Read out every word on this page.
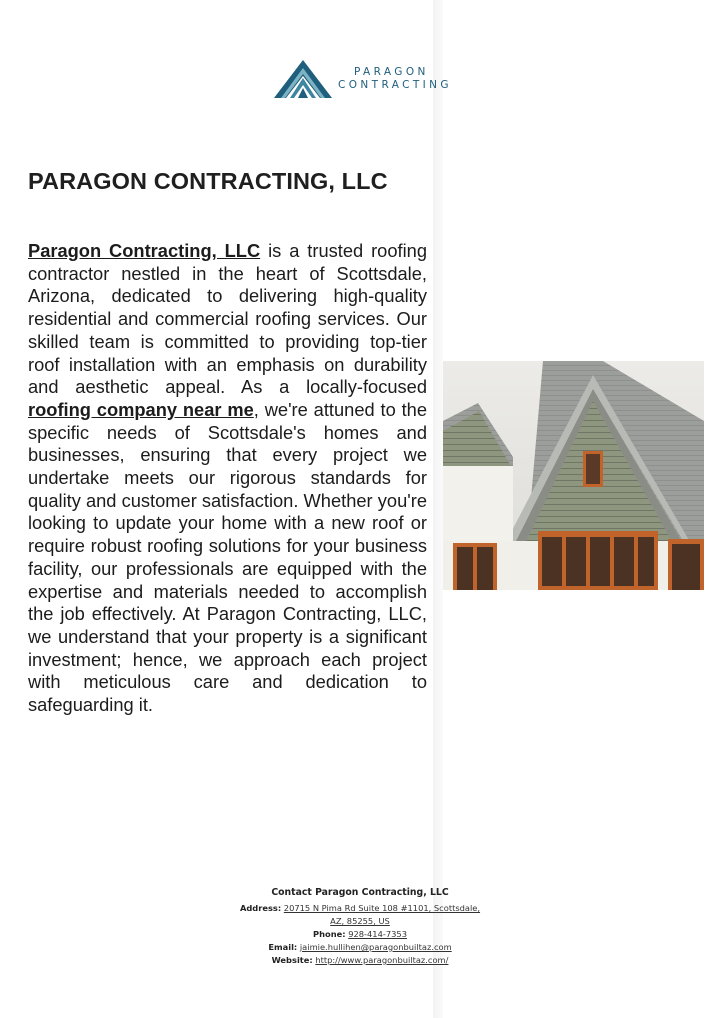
PARAGON
CONTRACTING
PARAGON CONTRACTING, LLC

Paragon Contracting, LLC is a trusted roofing contractor nestled in the heart of Scottsdale, Arizona, dedicated to delivering high-quality residential and commercial roofing services. Our skilled team is committed to providing top-tier roof installation with an emphasis on durability and aesthetic appeal. As a locally-focused roofing company near me, we're attuned to the specific needs of Scottsdale's homes and businesses, ensuring that every project we undertake meets our rigorous standards for quality and customer satisfaction. Whether you're looking to update your home with a new roof or require robust roofing solutions for your business facility, our professionals are equipped with the expertise and materials needed to accomplish the job effectively. At Paragon Contracting, LLC, we understand that your property is a significant investment; hence, we approach each project with meticulous care and dedication to safeguarding it.

Contact Paragon Contracting, LLC
Address: 20715 N Pima Rd Suite 108 #1101, Scottsdale,
AZ, 85255, US
Phone: 928-414-7353
Email: jaimie.hullihen@paragonbuiltaz.com
Website: http://www.paragonbuiltaz.com/
